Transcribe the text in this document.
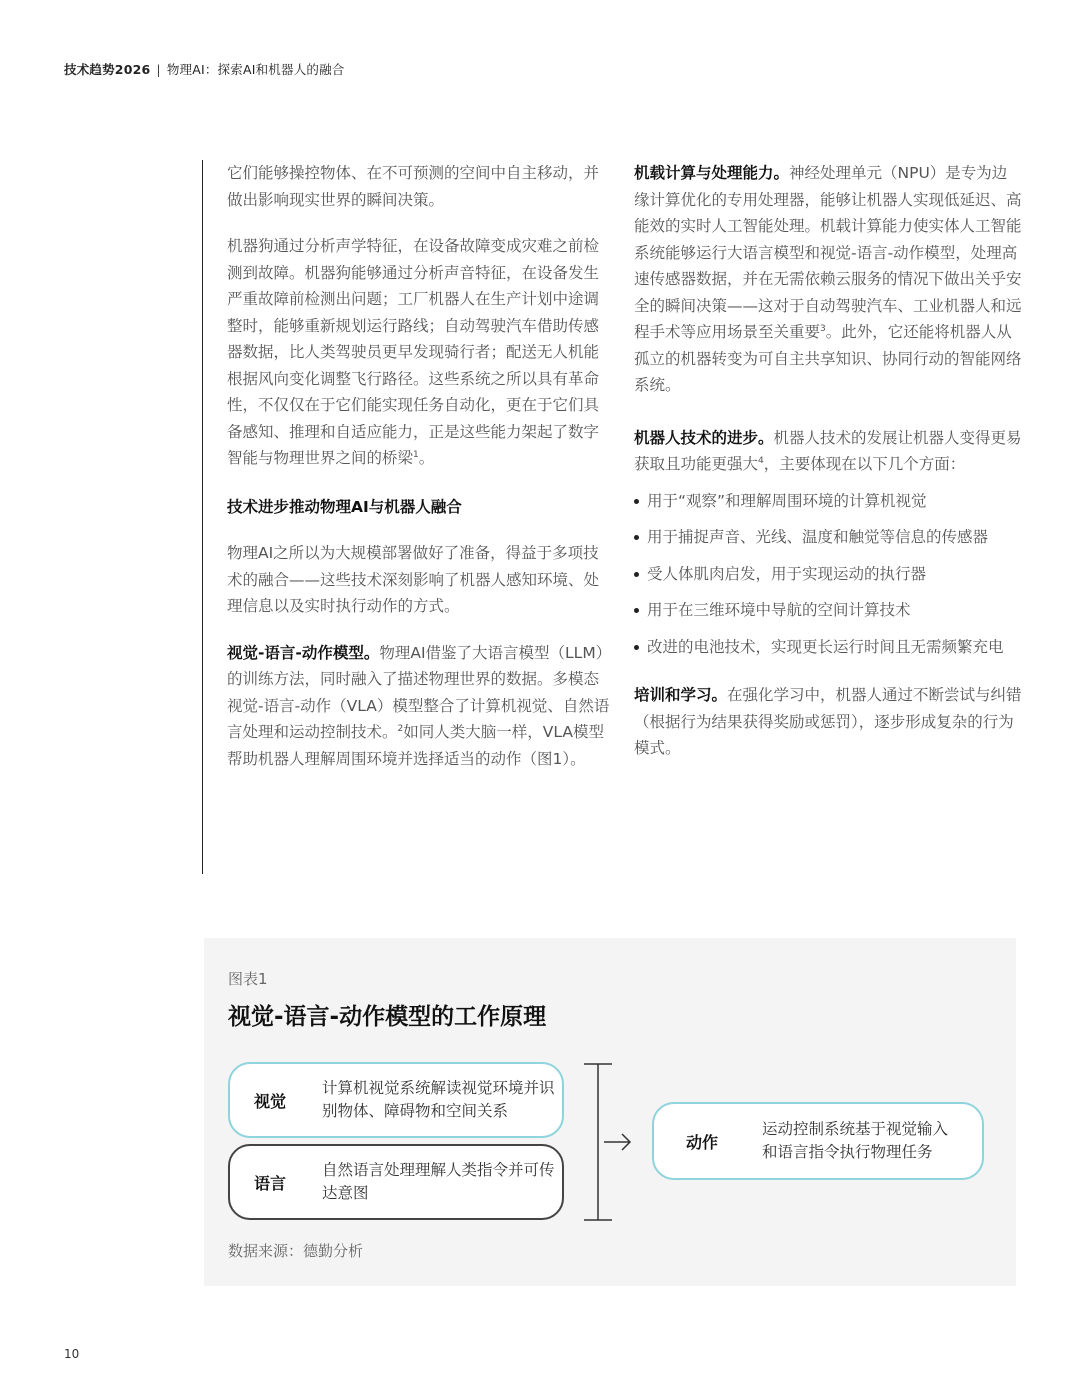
技术趋势2026 | 物理AI：探索AI和机器人的融合

它们能够操控物体、在不可预测的空间中自主移动，并做出影响现实世界的瞬间决策。

机器狗通过分析声学特征，在设备故障变成灾难之前检测到故障。机器狗能够通过分析声音特征，在设备发生严重故障前检测出问题；工厂机器人在生产计划中途调整时，能够重新规划运行路线；自动驾驶汽车借助传感器数据，比人类驾驶员更早发现骑行者；配送无人机能根据风向变化调整飞行路径。这些系统之所以具有革命性，不仅仅在于它们能实现任务自动化，更在于它们具备感知、推理和自适应能力，正是这些能力架起了数字智能与物理世界之间的桥梁$^1$。

技术进步推动物理AI与机器人融合

物理AI之所以为大规模部署做好了准备，得益于多项技术的融合——这些技术深刻影响了机器人感知环境、处理信息以及实时执行动作的方式。

视觉-语言-动作模型。物理AI借鉴了大语言模型（LLM）的训练方法，同时融入了描述物理世界的数据。多模态视觉-语言-动作（VLA）模型整合了计算机视觉、自然语言处理和运动控制技术。$^2$如同人类大脑一样，VLA模型帮助机器人理解周围环境并选择适当的动作（图1）。

机载计算与处理能力。神经处理单元（NPU）是专为边缘计算优化的专用处理器，能够让机器人实现低延迟、高能效的实时人工智能处理。机载计算能力使实体人工智能系统能够运行大语言模型和视觉-语言-动作模型，处理高速传感器数据，并在无需依赖云服务的情况下做出关乎安全的瞬间决策——这对于自动驾驶汽车、工业机器人和远程手术等应用场景至关重要$^3$。此外，它还能将机器人从孤立的机器转变为可自主共享知识、协同行动的智能网络系统。

机器人技术的进步。机器人技术的发展让机器人变得更易获取且功能更强大$^4$，主要体现在以下几个方面：

用于“观察”和理解周围环境的计算机视觉
用于捕捉声音、光线、温度和触觉等信息的传感器
受人体肌肉启发，用于实现运动的执行器
用于在三维环境中导航的空间计算技术
改进的电池技术，实现更长运行时间且无需频繁充电

培训和学习。在强化学习中，机器人通过不断尝试与纠错（根据行为结果获得奖励或惩罚），逐步形成复杂的行为模式。

图表1
视觉-语言-动作模型的工作原理
视觉
计算机视觉系统解读视觉环境并识别物体、障碍物和空间关系
语言
自然语言处理理解人类指令并可传达意图
动作
运动控制系统基于视觉输入和语言指令执行物理任务
数据来源：德勤分析
10
